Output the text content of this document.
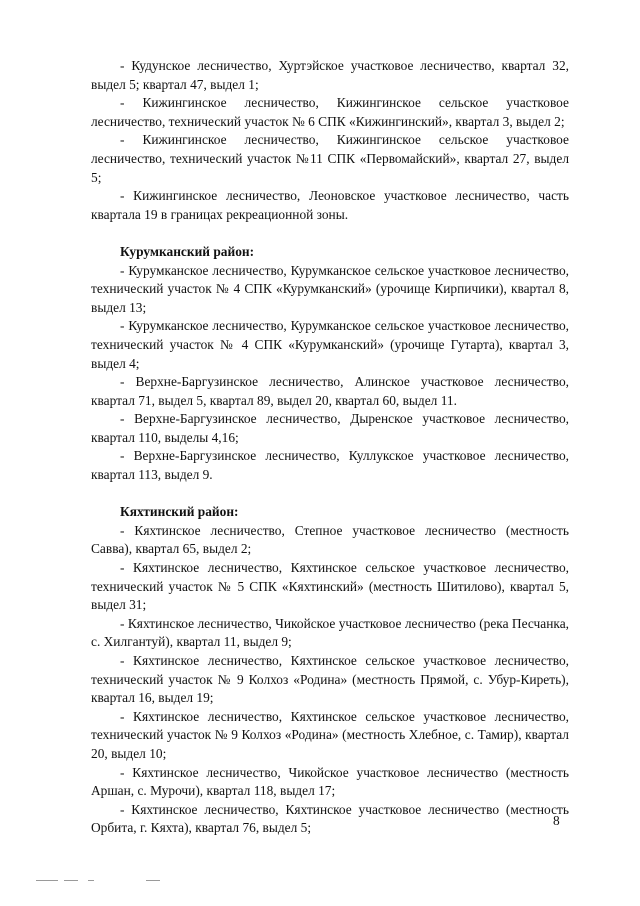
- Кудунское лесничество, Хуртэйское участковое лесничество, квартал 32, выдел 5; квартал 47, выдел 1;

- Кижингинское лесничество, Кижингинское сельское участковое лесничество, технический участок № 6 СПК «Кижингинский», квартал 3, выдел 2;

- Кижингинское лесничество, Кижингинское сельское участковое лесничество, технический участок №11 СПК «Первомайский», квартал 27, выдел 5;

- Кижингинское лесничество, Леоновское участковое лесничество, часть квартала 19 в границах рекреационной зоны.

Курумканский район:

- Курумканское лесничество, Курумканское сельское участковое лесничество, технический участок № 4 СПК «Курумканский» (урочище Кирпичики), квартал 8, выдел 13;

- Курумканское лесничество, Курумканское сельское участковое лесничество, технический участок № 4 СПК «Курумканский» (урочище Гутарта), квартал 3, выдел 4;

- Верхне-Баргузинское лесничество, Алинское участковое лесничество, квартал 71, выдел 5, квартал 89, выдел 20, квартал 60, выдел 11.

- Верхне-Баргузинское лесничество, Дыренское участковое лесничество, квартал 110, выделы 4,16;

- Верхне-Баргузинское лесничество, Куллукское участковое лесничество, квартал 113, выдел 9.

Кяхтинский район:

- Кяхтинское лесничество, Степное участковое лесничество (местность Савва), квартал 65, выдел 2;

- Кяхтинское лесничество, Кяхтинское сельское участковое лесничество, технический участок № 5 СПК «Кяхтинский» (местность Шитилово), квартал 5, выдел 31;

- Кяхтинское лесничество, Чикойское участковое лесничество (река Песчанка, с. Хилгантуй), квартал 11, выдел 9;

- Кяхтинское лесничество, Кяхтинское сельское участковое лесничество, технический участок № 9 Колхоз «Родина» (местность Прямой, с. Убур-Киреть), квартал 16, выдел 19;

- Кяхтинское лесничество, Кяхтинское сельское участковое лесничество, технический участок № 9 Колхоз «Родина» (местность Хлебное, с. Тамир), квартал 20, выдел 10;

- Кяхтинское лесничество, Чикойское участковое лесничество (местность Аршан, с. Мурочи), квартал 118, выдел 17;

- Кяхтинское лесничество, Кяхтинское участковое лесничество (местность Орбита, г. Кяхта), квартал 76, выдел 5;	8
